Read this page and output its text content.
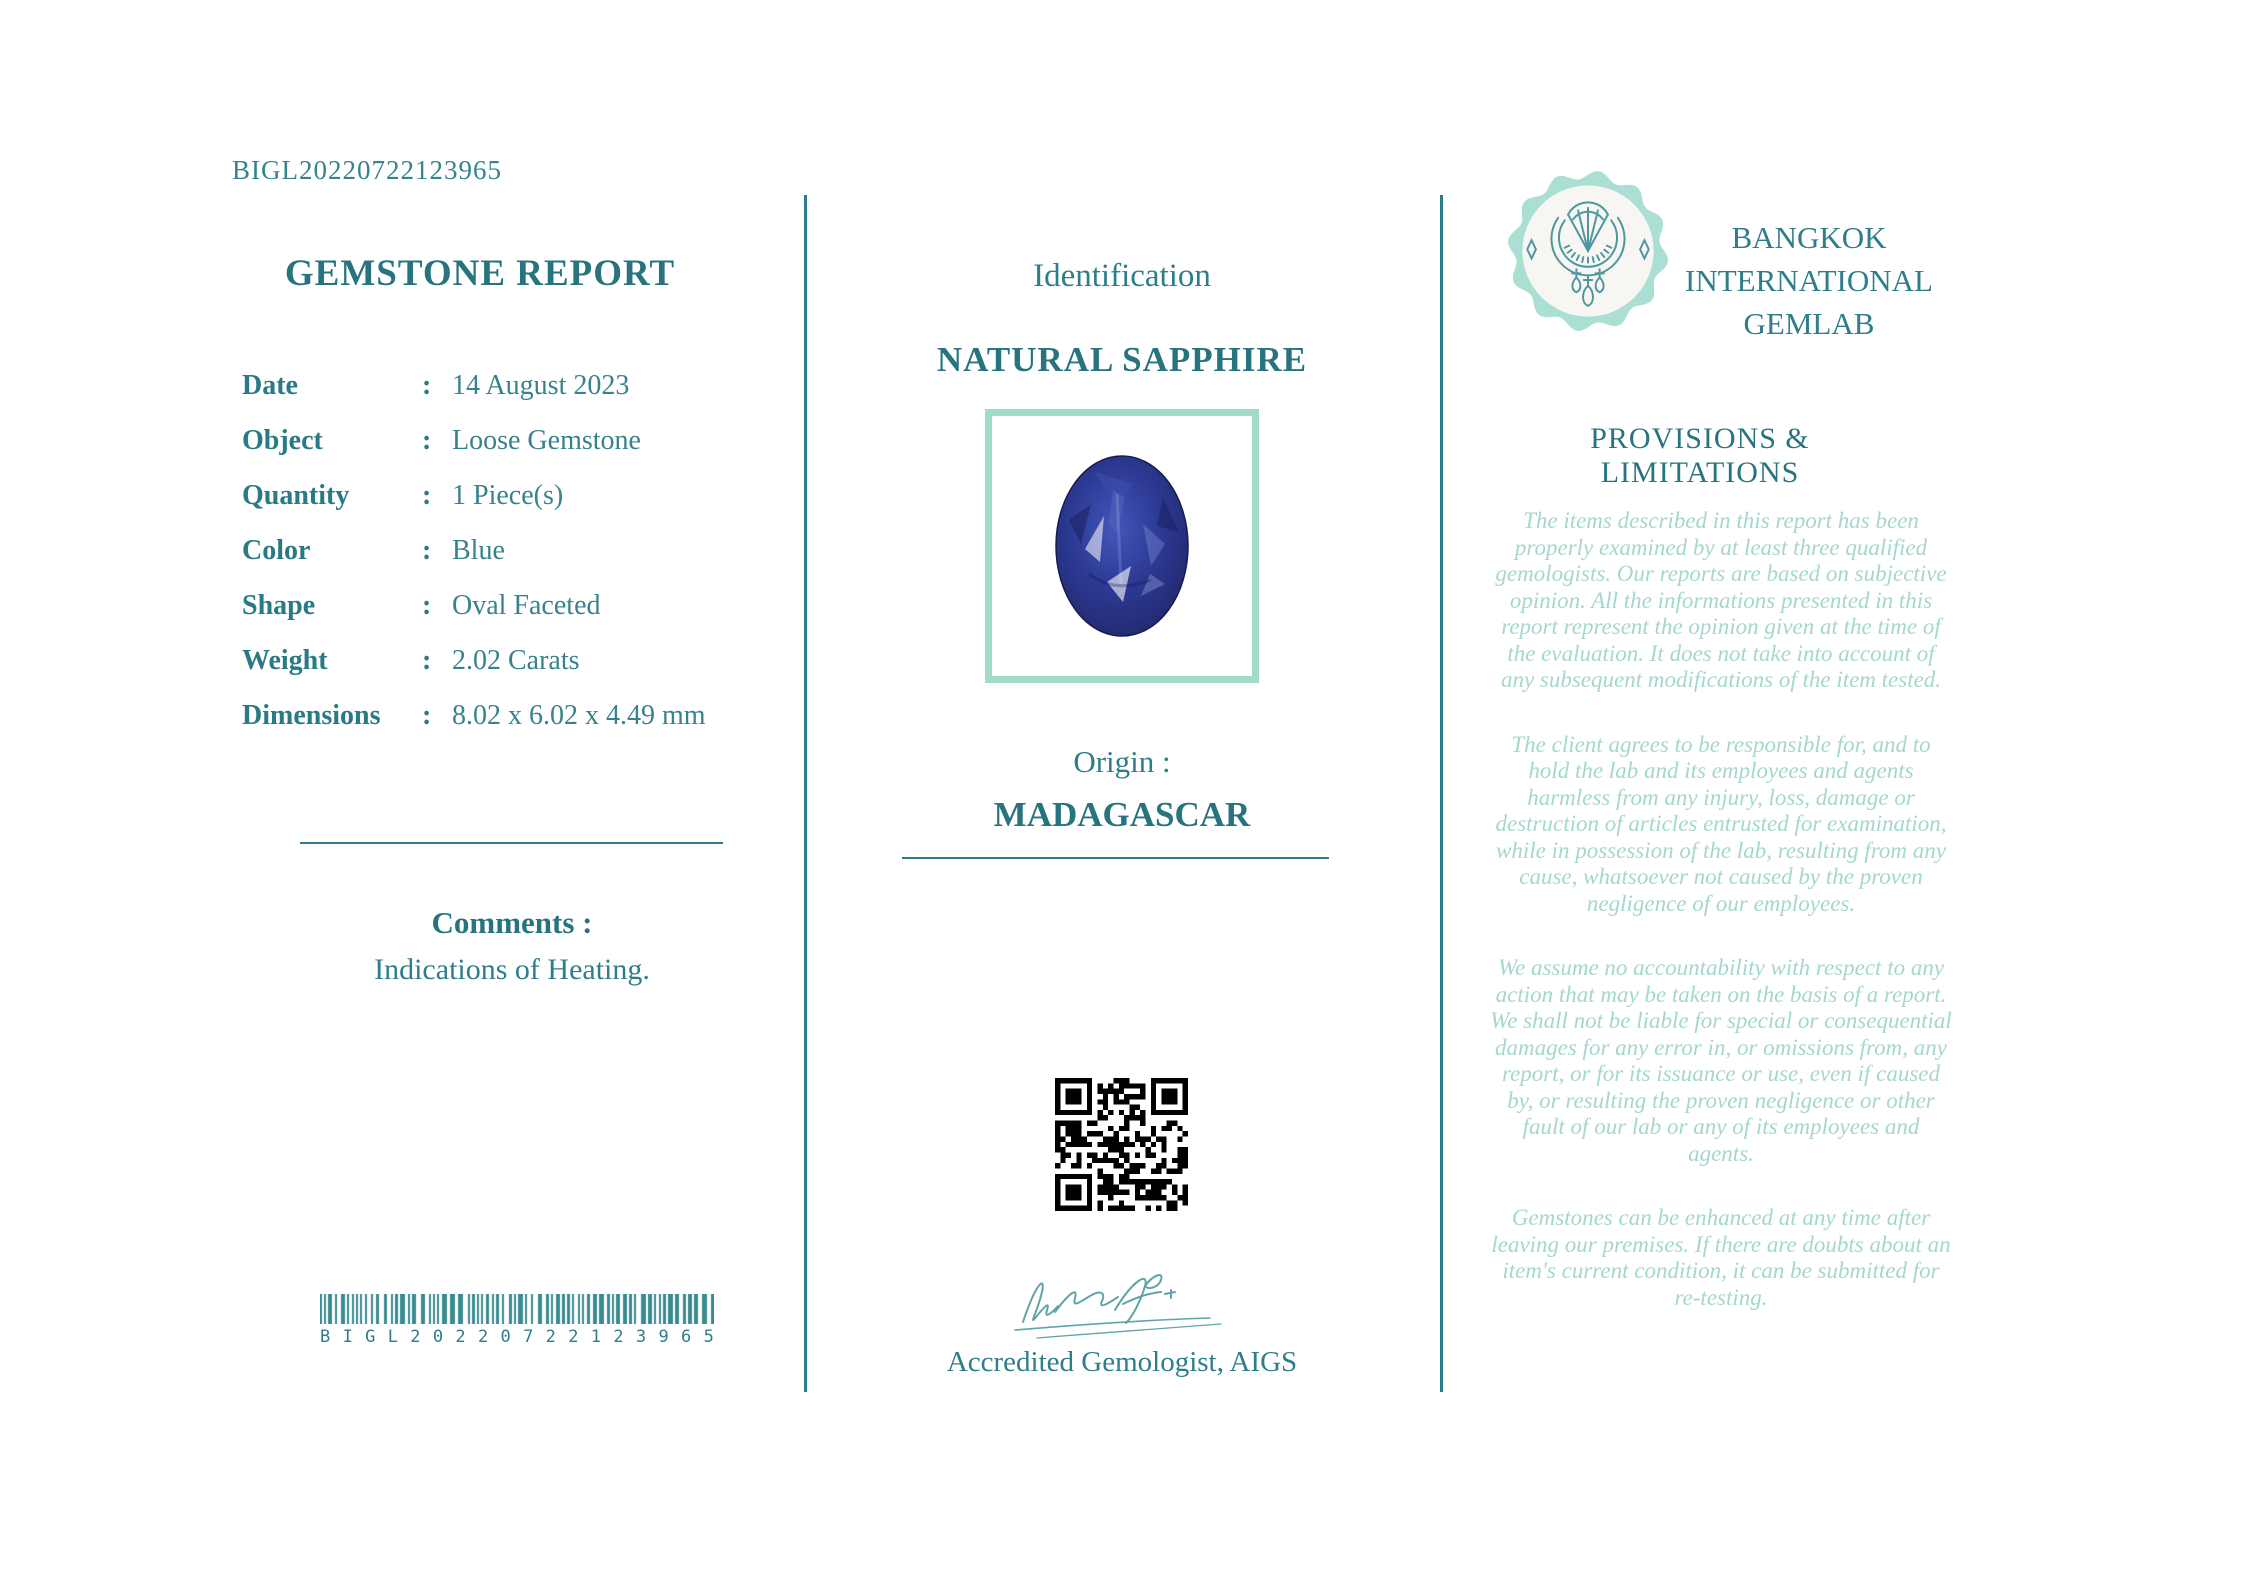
BIGL20220722123965
GEMSTONE REPORT
Date	: 14 August 2023
Object	: Loose Gemstone
Quantity	: 1 Piece(s)
Color	: Blue
Shape	: Oval Faceted
Weight	: 2.02 Carats
Dimensions	: 8.02 x 6.02 x 4.49 mm
Comments :
Indications of Heating.
B I G L 2 0 2 2 0 7 2 2 1 2 3 9 6 5
Identification
NATURAL SAPPHIRE
Origin :
MADAGASCAR
Accredited Gemologist, AIGS
BANGKOK
INTERNATIONAL
GEMLAB
PROVISIONS & LIMITATIONS

The items described in this report has been properly examined by at least three qualified gemologists. Our reports are based on subjective opinion. All the informations presented in this report represent the opinion given at the time of the evaluation. It does not take into account of any subsequent modifications of the item tested.

The client agrees to be responsible for, and to hold the lab and its employees and agents harmless from any injury, loss, damage or destruction of articles entrusted for examination, while in possession of the lab, resulting from any cause, whatsoever not caused by the proven negligence of our employees.

We assume no accountability with respect to any action that may be taken on the basis of a report. We shall not be liable for special or consequential damages for any error in, or omissions from, any report, or for its issuance or use, even if caused by, or resulting the proven negligence or other fault of our lab or any of its employees and agents.

Gemstones can be enhanced at any time after leaving our premises. If there are doubts about an item's current condition, it can be submitted for re-testing.
